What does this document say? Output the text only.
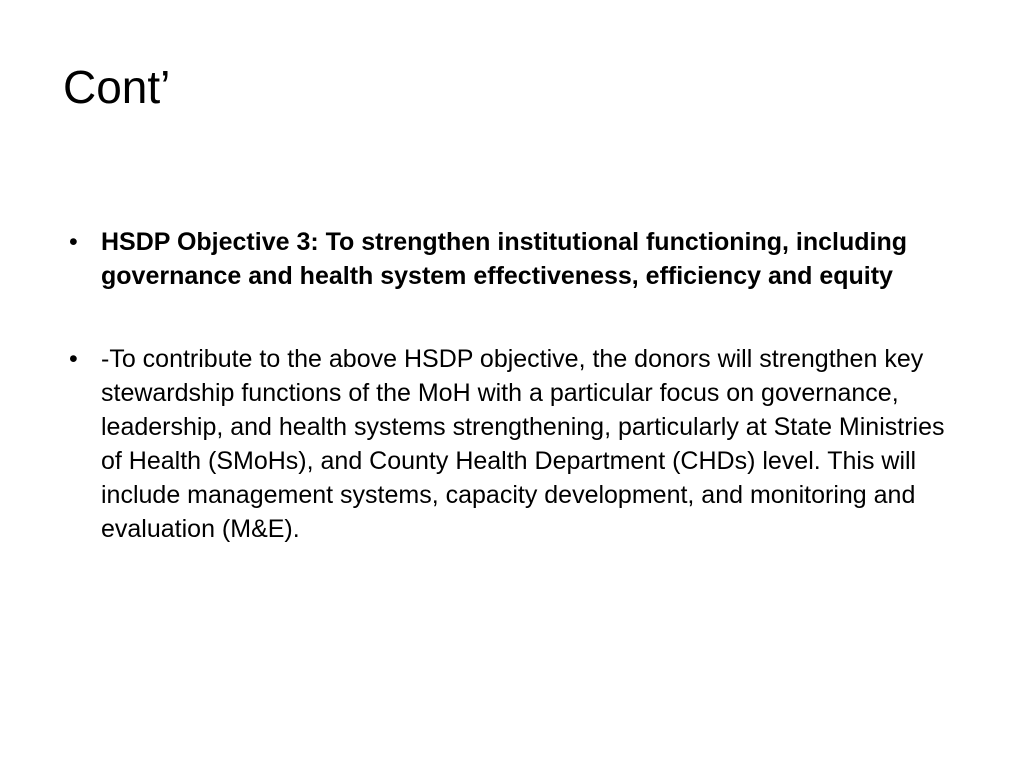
Cont’
• HSDP Objective 3: To strengthen institutional functioning, including governance and health system effectiveness, efficiency and equity
• -To contribute to the above HSDP objective, the donors will strengthen key stewardship functions of the MoH with a particular focus on governance, leadership, and health systems strengthening, particularly at State Ministries of Health (SMoHs), and County Health Department (CHDs) level. This will include management systems, capacity development, and monitoring and evaluation (M&E).
